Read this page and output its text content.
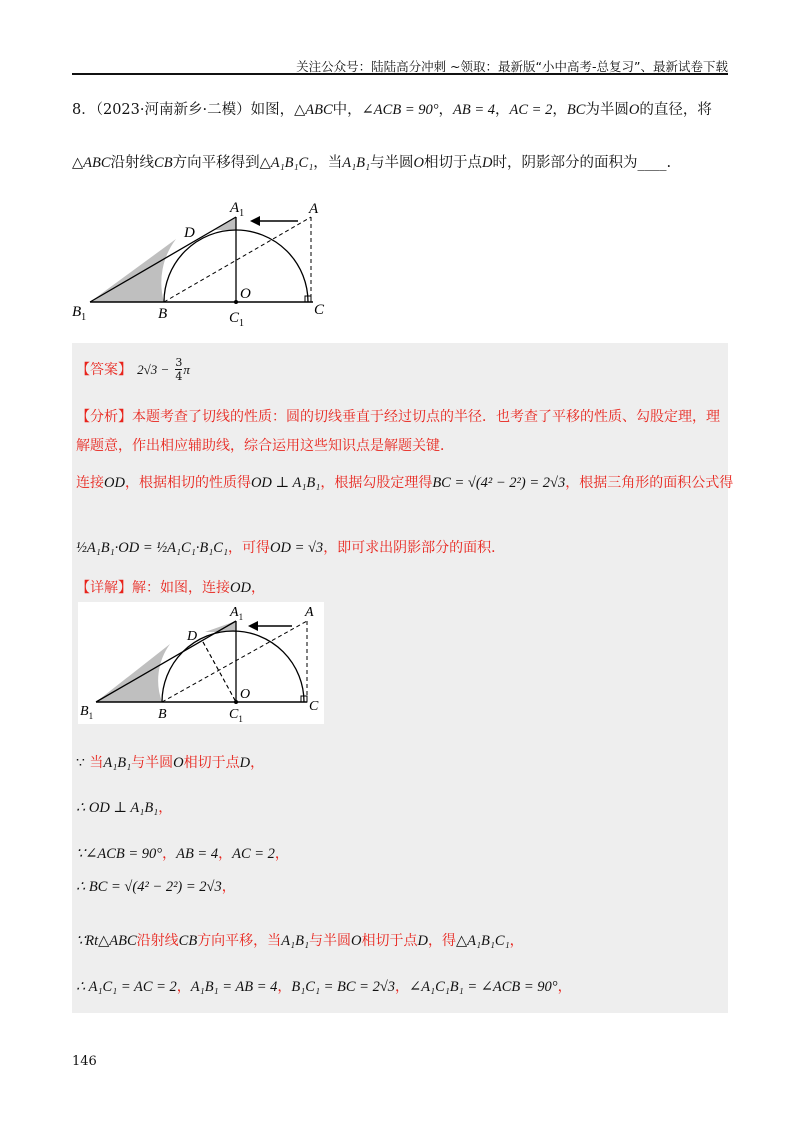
关注公众号：陆陆高分冲刺 ~领取：最新版“小中高考-总复习”、最新试卷下载
8．（2023·河南新乡·二模）如图，△ABC中，∠ACB = 90°，AB = 4，AC = 2，BC为半圆O的直径，将
△ABC沿射线CB方向平移得到△A₁B₁C₁，当A₁B₁与半圆O相切于点D时，阴影部分的面积为____.
$A_1$	A
D
O
$B_1$	B	$C_1$
C
【答案】 $2√3 - \frac{3}{4}$ π
【分析】本题考查了切线的性质：圆的切线垂直于经过切点的半径．也考查了平移的性质、勾股定理，理
解题意，作出相应辅助线，综合运用这些知识点是解题关键．
连接OD，根据相切的性质得OD ⊥ A₁B₁，根据勾股定理得BC = √(4² − 2²) = 2√3，根据三角形的面积公式得
½A₁B₁·OD = ½A₁C₁·B₁C₁，可得OD = √3，即可求出阴影部分的面积．
【详解】解：如图，连接OD，
$A_1$	A
D
O
$B_1$	B	$C_1$
C
∵ 当A₁B₁与半圆O相切于点D，
∴ OD ⊥ A₁B₁，
∵∠ACB = 90°，AB = 4，AC = 2，
∴ BC = √(4² − 2²) = 2√3，
∵Rt△ABC沿射线CB方向平移，当A₁B₁与半圆O相切于点D，得△A₁B₁C₁，
∴ A₁C₁ = AC = 2，A₁B₁ = AB = 4，B₁C₁ = BC = 2√3，∠A₁C₁B₁ = ∠ACB = 90°，
146
